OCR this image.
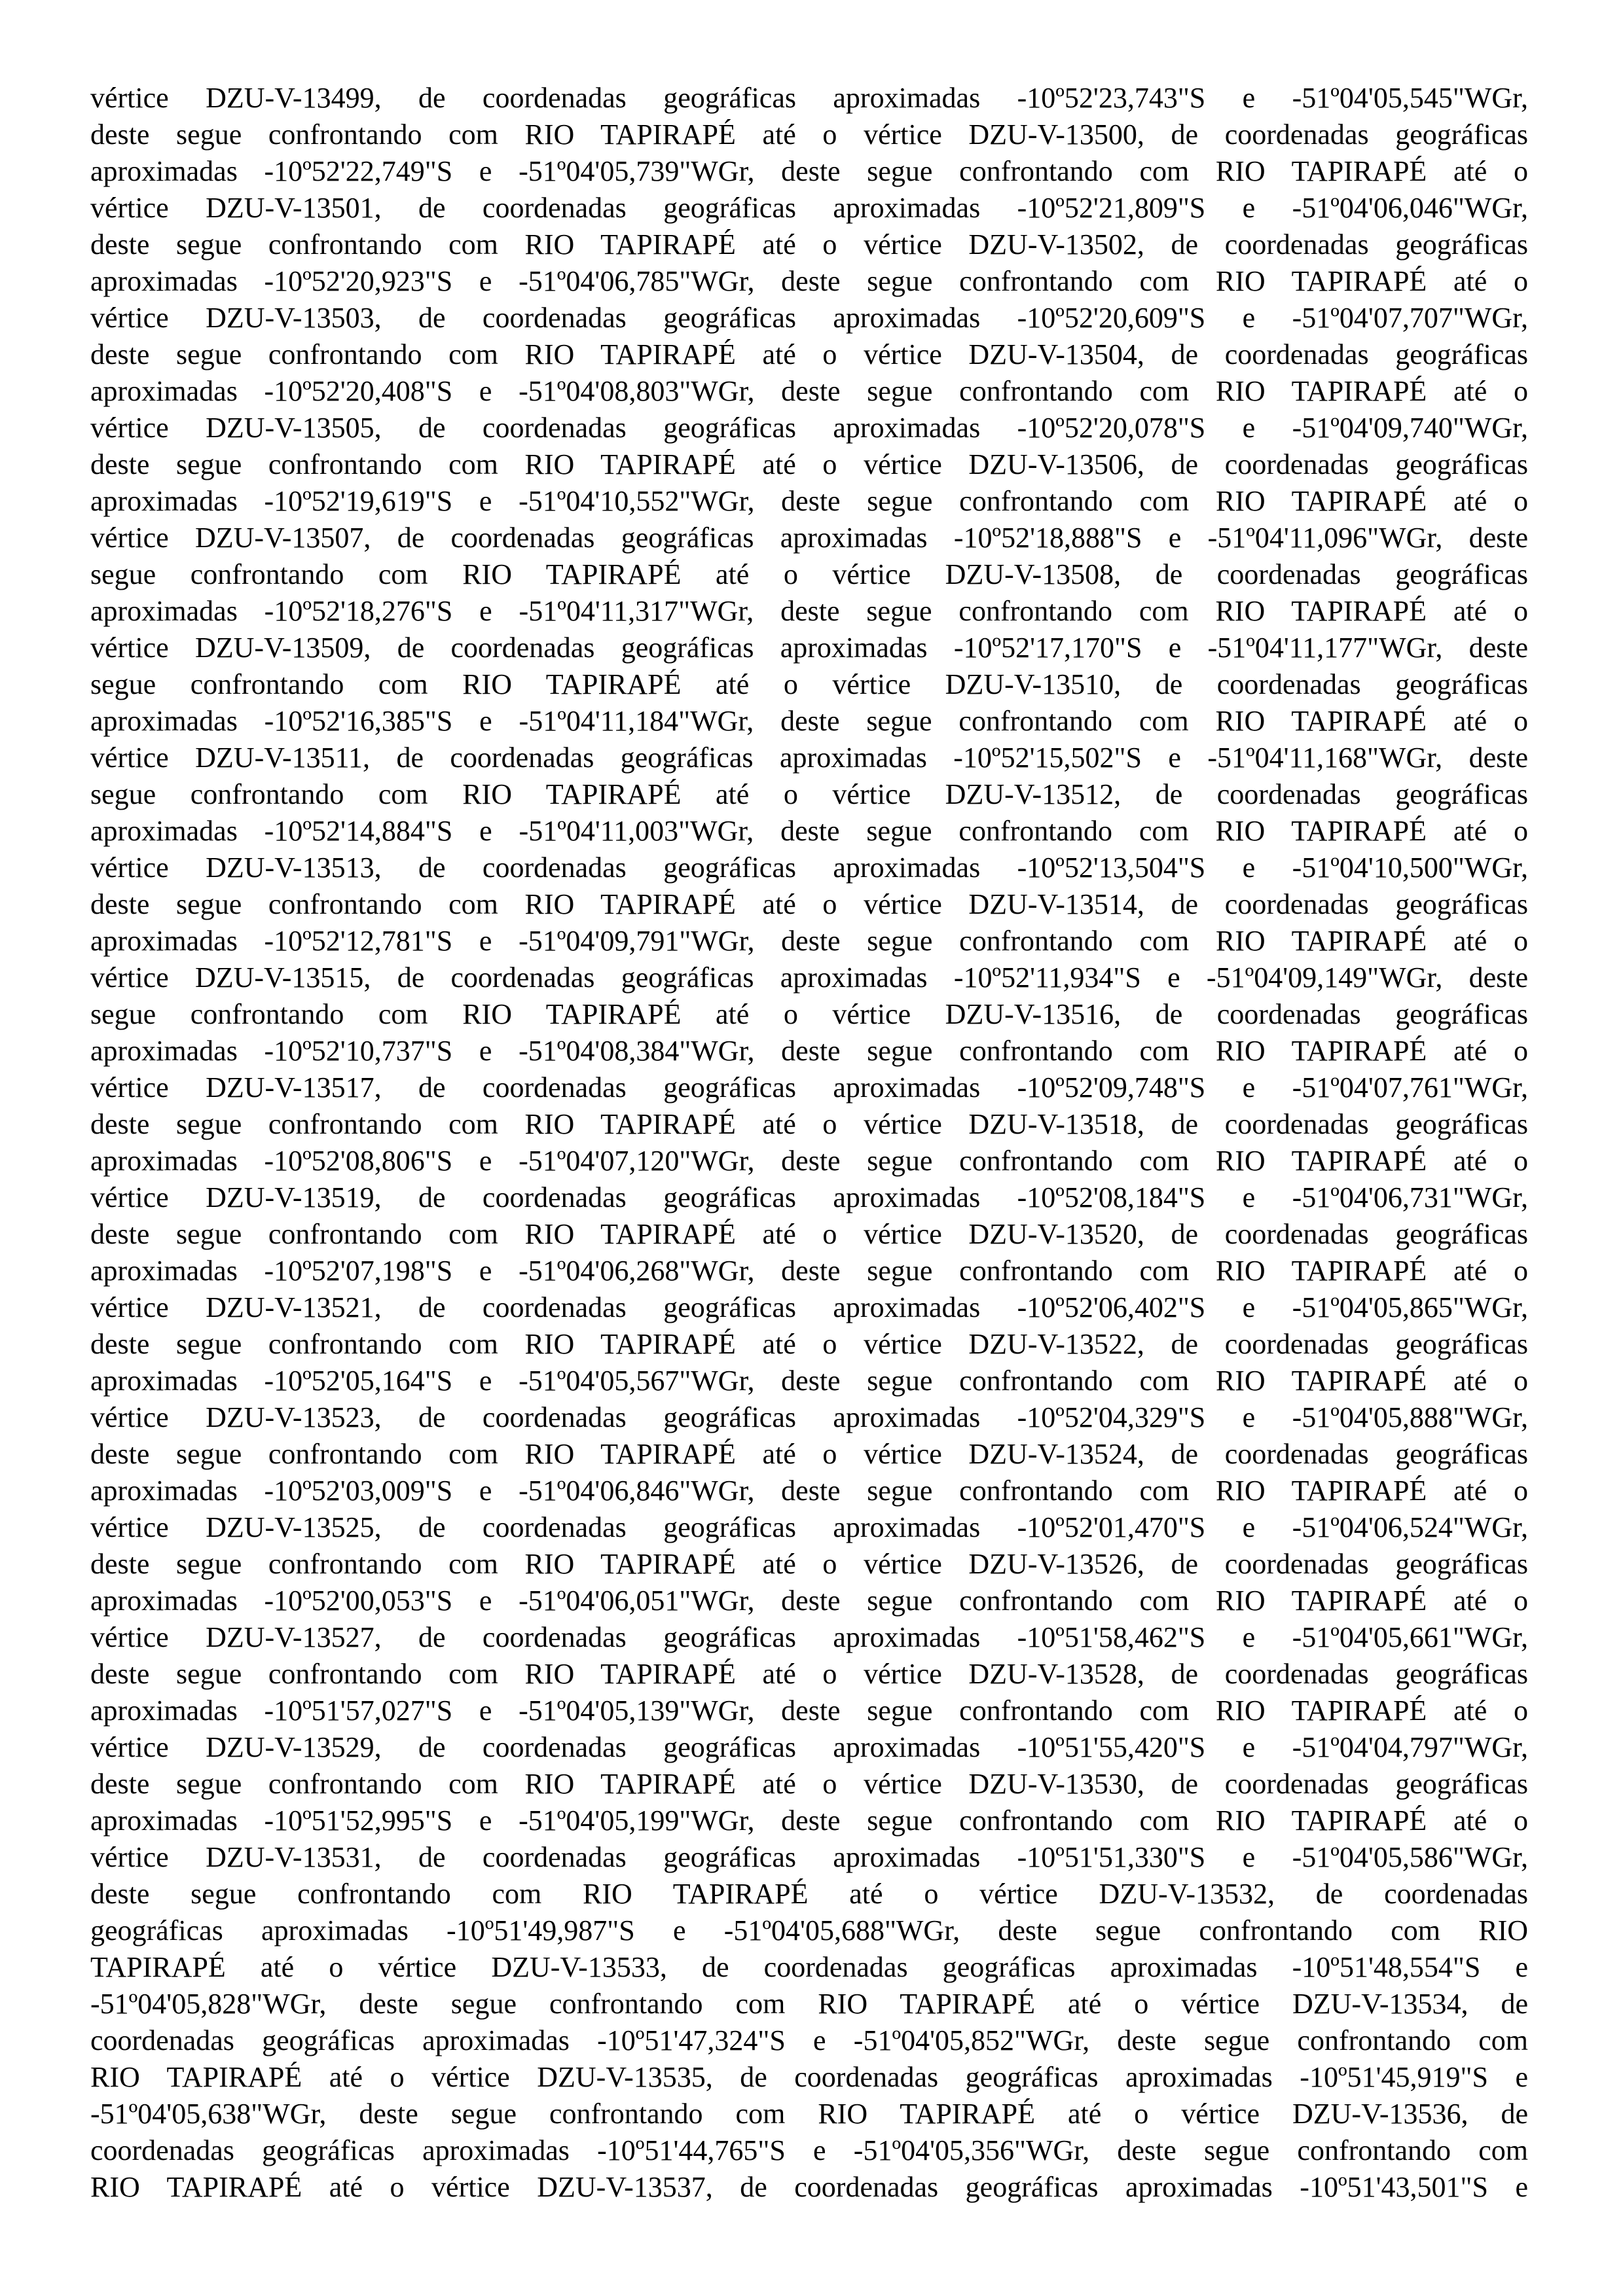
vértice DZU-V-13499, de coordenadas geográficas aproximadas -10º52'23,743"S e -51º04'05,545"WGr,
deste segue confrontando com RIO TAPIRAPÉ até o vértice DZU-V-13500, de coordenadas geográficas
aproximadas -10º52'22,749"S e -51º04'05,739"WGr, deste segue confrontando com RIO TAPIRAPÉ até o
vértice DZU-V-13501, de coordenadas geográficas aproximadas -10º52'21,809"S e -51º04'06,046"WGr,
deste segue confrontando com RIO TAPIRAPÉ até o vértice DZU-V-13502, de coordenadas geográficas
aproximadas -10º52'20,923"S e -51º04'06,785"WGr, deste segue confrontando com RIO TAPIRAPÉ até o
vértice DZU-V-13503, de coordenadas geográficas aproximadas -10º52'20,609"S e -51º04'07,707"WGr,
deste segue confrontando com RIO TAPIRAPÉ até o vértice DZU-V-13504, de coordenadas geográficas
aproximadas -10º52'20,408"S e -51º04'08,803"WGr, deste segue confrontando com RIO TAPIRAPÉ até o
vértice DZU-V-13505, de coordenadas geográficas aproximadas -10º52'20,078"S e -51º04'09,740"WGr,
deste segue confrontando com RIO TAPIRAPÉ até o vértice DZU-V-13506, de coordenadas geográficas
aproximadas -10º52'19,619"S e -51º04'10,552"WGr, deste segue confrontando com RIO TAPIRAPÉ até o
vértice DZU-V-13507, de coordenadas geográficas aproximadas -10º52'18,888"S e -51º04'11,096"WGr, deste
segue confrontando com RIO TAPIRAPÉ até o vértice DZU-V-13508, de coordenadas geográficas
aproximadas -10º52'18,276"S e -51º04'11,317"WGr, deste segue confrontando com RIO TAPIRAPÉ até o
vértice DZU-V-13509, de coordenadas geográficas aproximadas -10º52'17,170"S e -51º04'11,177"WGr, deste
segue confrontando com RIO TAPIRAPÉ até o vértice DZU-V-13510, de coordenadas geográficas
aproximadas -10º52'16,385"S e -51º04'11,184"WGr, deste segue confrontando com RIO TAPIRAPÉ até o
vértice DZU-V-13511, de coordenadas geográficas aproximadas -10º52'15,502"S e -51º04'11,168"WGr, deste
segue confrontando com RIO TAPIRAPÉ até o vértice DZU-V-13512, de coordenadas geográficas
aproximadas -10º52'14,884"S e -51º04'11,003"WGr, deste segue confrontando com RIO TAPIRAPÉ até o
vértice DZU-V-13513, de coordenadas geográficas aproximadas -10º52'13,504"S e -51º04'10,500"WGr,
deste segue confrontando com RIO TAPIRAPÉ até o vértice DZU-V-13514, de coordenadas geográficas
aproximadas -10º52'12,781"S e -51º04'09,791"WGr, deste segue confrontando com RIO TAPIRAPÉ até o
vértice DZU-V-13515, de coordenadas geográficas aproximadas -10º52'11,934"S e -51º04'09,149"WGr, deste
segue confrontando com RIO TAPIRAPÉ até o vértice DZU-V-13516, de coordenadas geográficas
aproximadas -10º52'10,737"S e -51º04'08,384"WGr, deste segue confrontando com RIO TAPIRAPÉ até o
vértice DZU-V-13517, de coordenadas geográficas aproximadas -10º52'09,748"S e -51º04'07,761"WGr,
deste segue confrontando com RIO TAPIRAPÉ até o vértice DZU-V-13518, de coordenadas geográficas
aproximadas -10º52'08,806"S e -51º04'07,120"WGr, deste segue confrontando com RIO TAPIRAPÉ até o
vértice DZU-V-13519, de coordenadas geográficas aproximadas -10º52'08,184"S e -51º04'06,731"WGr,
deste segue confrontando com RIO TAPIRAPÉ até o vértice DZU-V-13520, de coordenadas geográficas
aproximadas -10º52'07,198"S e -51º04'06,268"WGr, deste segue confrontando com RIO TAPIRAPÉ até o
vértice DZU-V-13521, de coordenadas geográficas aproximadas -10º52'06,402"S e -51º04'05,865"WGr,
deste segue confrontando com RIO TAPIRAPÉ até o vértice DZU-V-13522, de coordenadas geográficas
aproximadas -10º52'05,164"S e -51º04'05,567"WGr, deste segue confrontando com RIO TAPIRAPÉ até o
vértice DZU-V-13523, de coordenadas geográficas aproximadas -10º52'04,329"S e -51º04'05,888"WGr,
deste segue confrontando com RIO TAPIRAPÉ até o vértice DZU-V-13524, de coordenadas geográficas
aproximadas -10º52'03,009"S e -51º04'06,846"WGr, deste segue confrontando com RIO TAPIRAPÉ até o
vértice DZU-V-13525, de coordenadas geográficas aproximadas -10º52'01,470"S e -51º04'06,524"WGr,
deste segue confrontando com RIO TAPIRAPÉ até o vértice DZU-V-13526, de coordenadas geográficas
aproximadas -10º52'00,053"S e -51º04'06,051"WGr, deste segue confrontando com RIO TAPIRAPÉ até o
vértice DZU-V-13527, de coordenadas geográficas aproximadas -10º51'58,462"S e -51º04'05,661"WGr,
deste segue confrontando com RIO TAPIRAPÉ até o vértice DZU-V-13528, de coordenadas geográficas
aproximadas -10º51'57,027"S e -51º04'05,139"WGr, deste segue confrontando com RIO TAPIRAPÉ até o
vértice DZU-V-13529, de coordenadas geográficas aproximadas -10º51'55,420"S e -51º04'04,797"WGr,
deste segue confrontando com RIO TAPIRAPÉ até o vértice DZU-V-13530, de coordenadas geográficas
aproximadas -10º51'52,995"S e -51º04'05,199"WGr, deste segue confrontando com RIO TAPIRAPÉ até o
vértice DZU-V-13531, de coordenadas geográficas aproximadas -10º51'51,330"S e -51º04'05,586"WGr,
deste segue confrontando com RIO TAPIRAPÉ até o vértice DZU-V-13532, de coordenadas
geográficas aproximadas -10º51'49,987"S e -51º04'05,688"WGr, deste segue confrontando com RIO
TAPIRAPÉ até o vértice DZU-V-13533, de coordenadas geográficas aproximadas -10º51'48,554"S e
-51º04'05,828"WGr, deste segue confrontando com RIO TAPIRAPÉ até o vértice DZU-V-13534, de
coordenadas geográficas aproximadas -10º51'47,324"S e -51º04'05,852"WGr, deste segue confrontando com
RIO TAPIRAPÉ até o vértice DZU-V-13535, de coordenadas geográficas aproximadas -10º51'45,919"S e
-51º04'05,638"WGr, deste segue confrontando com RIO TAPIRAPÉ até o vértice DZU-V-13536, de
coordenadas geográficas aproximadas -10º51'44,765"S e -51º04'05,356"WGr, deste segue confrontando com
RIO TAPIRAPÉ até o vértice DZU-V-13537, de coordenadas geográficas aproximadas -10º51'43,501"S e
